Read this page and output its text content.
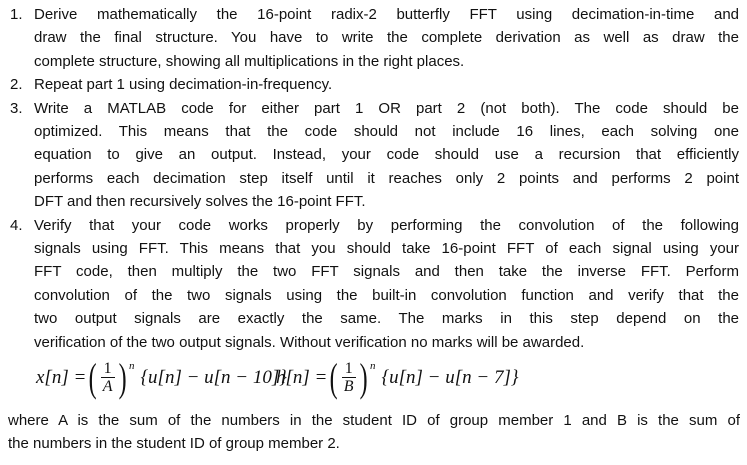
1. Derive mathematically the 16-point radix-2 butterfly FFT using decimation-in-time and
draw the final structure. You have to write the complete derivation as well as draw the
complete structure, showing all multiplications in the right places.
2. Repeat part 1 using decimation-in-frequency.
3. Write a MATLAB code for either part 1 OR part 2 (not both). The code should be
optimized. This means that the code should not include 16 lines, each solving one
equation to give an output. Instead, your code should use a recursion that efficiently
performs each decimation step itself until it reaches only 2 points and performs 2 point
DFT and then recursively solves the 16-point FFT.
4. Verify that your code works properly by performing the convolution of the following
signals using FFT. This means that you should take 16-point FFT of each signal using your
FFT code, then multiply the two FFT signals and then take the inverse FFT. Perform
convolution of the two signals using the built-in convolution function and verify that the
two output signals are exactly the same. The marks in this step depend on the
verification of the two output signals. Without verification no marks will be awarded.
x[n] = ( $\frac{1}{A} )^n$
{u[n] − u[n − 10]}
h[n] = ( $\frac{1}{B} )^n$
{u[n] − u[n − 7]}
where A is the sum of the numbers in the student ID of group member 1 and B is the sum of
the numbers in the student ID of group member 2.
